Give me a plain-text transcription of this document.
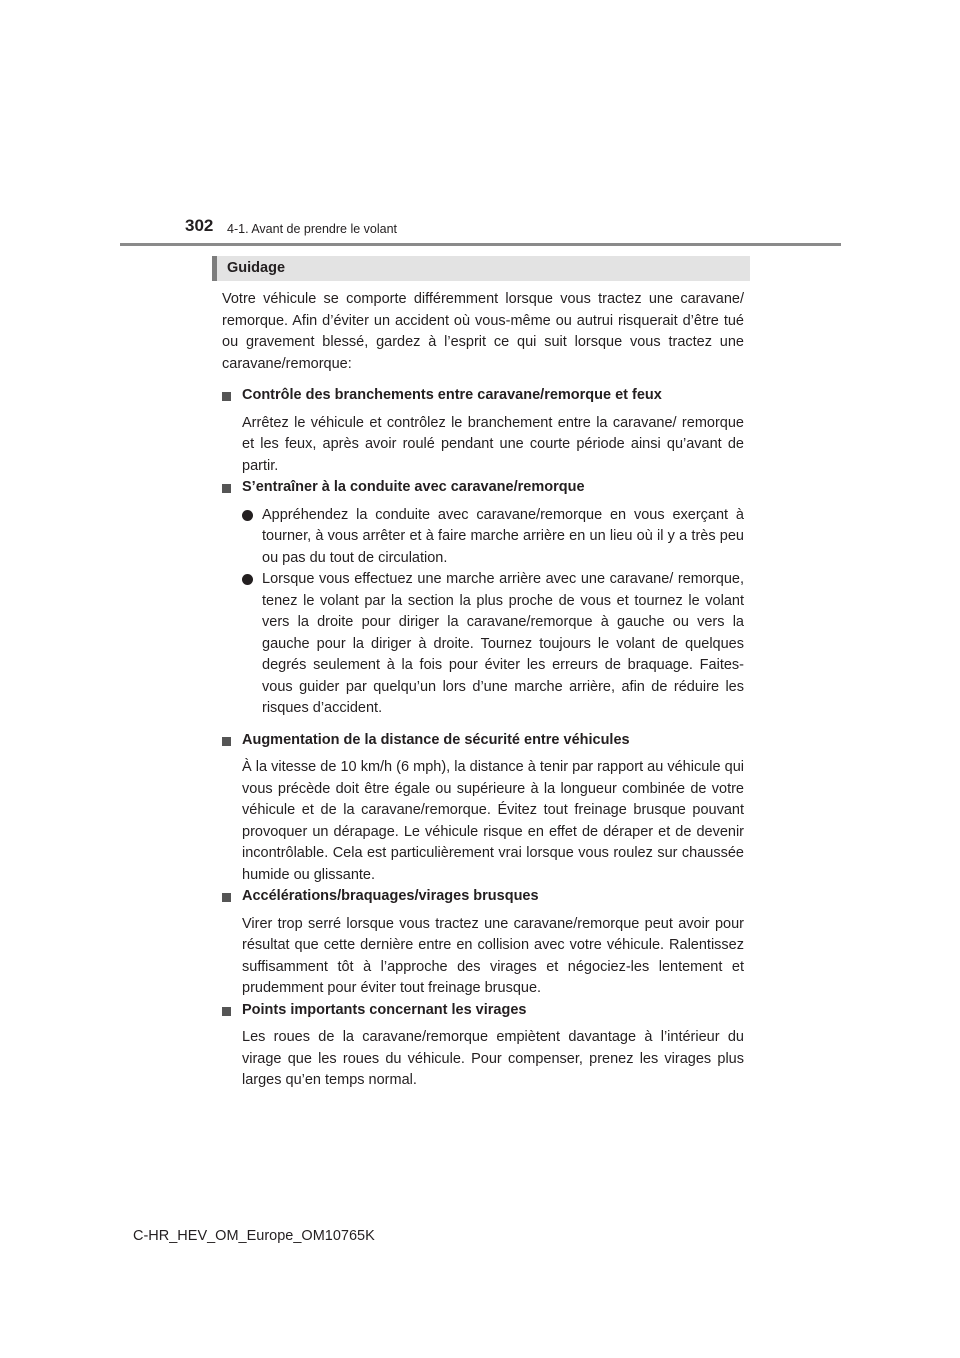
302 4-1. Avant de prendre le volant
Guidage

Votre véhicule se comporte différemment lorsque vous tractez une caravane/ remorque. Afin d’éviter un accident où vous-même ou autrui risquerait d’être tué ou gravement blessé, gardez à l’esprit ce qui suit lorsque vous tractez une caravane/remorque:

Contrôle des branchements entre caravane/remorque et feux

Arrêtez le véhicule et contrôlez le branchement entre la caravane/ remorque et les feux, après avoir roulé pendant une courte période ainsi qu’avant de partir.

S’entraîner à la conduite avec caravane/remorque
Appréhendez la conduite avec caravane/remorque en vous exerçant à tourner, à vous arrêter et à faire marche arrière en un lieu où il y a très peu ou pas du tout de circulation.
Lorsque vous effectuez une marche arrière avec une caravane/ remorque, tenez le volant par la section la plus proche de vous et tournez le volant vers la droite pour diriger la caravane/remorque à gauche ou vers la gauche pour la diriger à droite. Tournez toujours le volant de quelques degrés seulement à la fois pour éviter les erreurs de braquage. Faites-vous guider par quelqu’un lors d’une marche arrière, afin de réduire les risques d’accident.
Augmentation de la distance de sécurité entre véhicules

À la vitesse de 10 km/h (6 mph), la distance à tenir par rapport au véhicule qui vous précède doit être égale ou supérieure à la longueur combinée de votre véhicule et de la caravane/remorque. Évitez tout freinage brusque pouvant provoquer un dérapage. Le véhicule risque en effet de déraper et de devenir incontrôlable. Cela est particulièrement vrai lorsque vous roulez sur chaussée humide ou glissante.

Accélérations/braquages/virages brusques

Virer trop serré lorsque vous tractez une caravane/remorque peut avoir pour résultat que cette dernière entre en collision avec votre véhicule. Ralentissez suffisamment tôt à l’approche des virages et négociez-les lentement et prudemment pour éviter tout freinage brusque.

Points importants concernant les virages

Les roues de la caravane/remorque empiètent davantage à l’intérieur du virage que les roues du véhicule. Pour compenser, prenez les virages plus larges qu’en temps normal.

C-HR_HEV_OM_Europe_OM10765K
